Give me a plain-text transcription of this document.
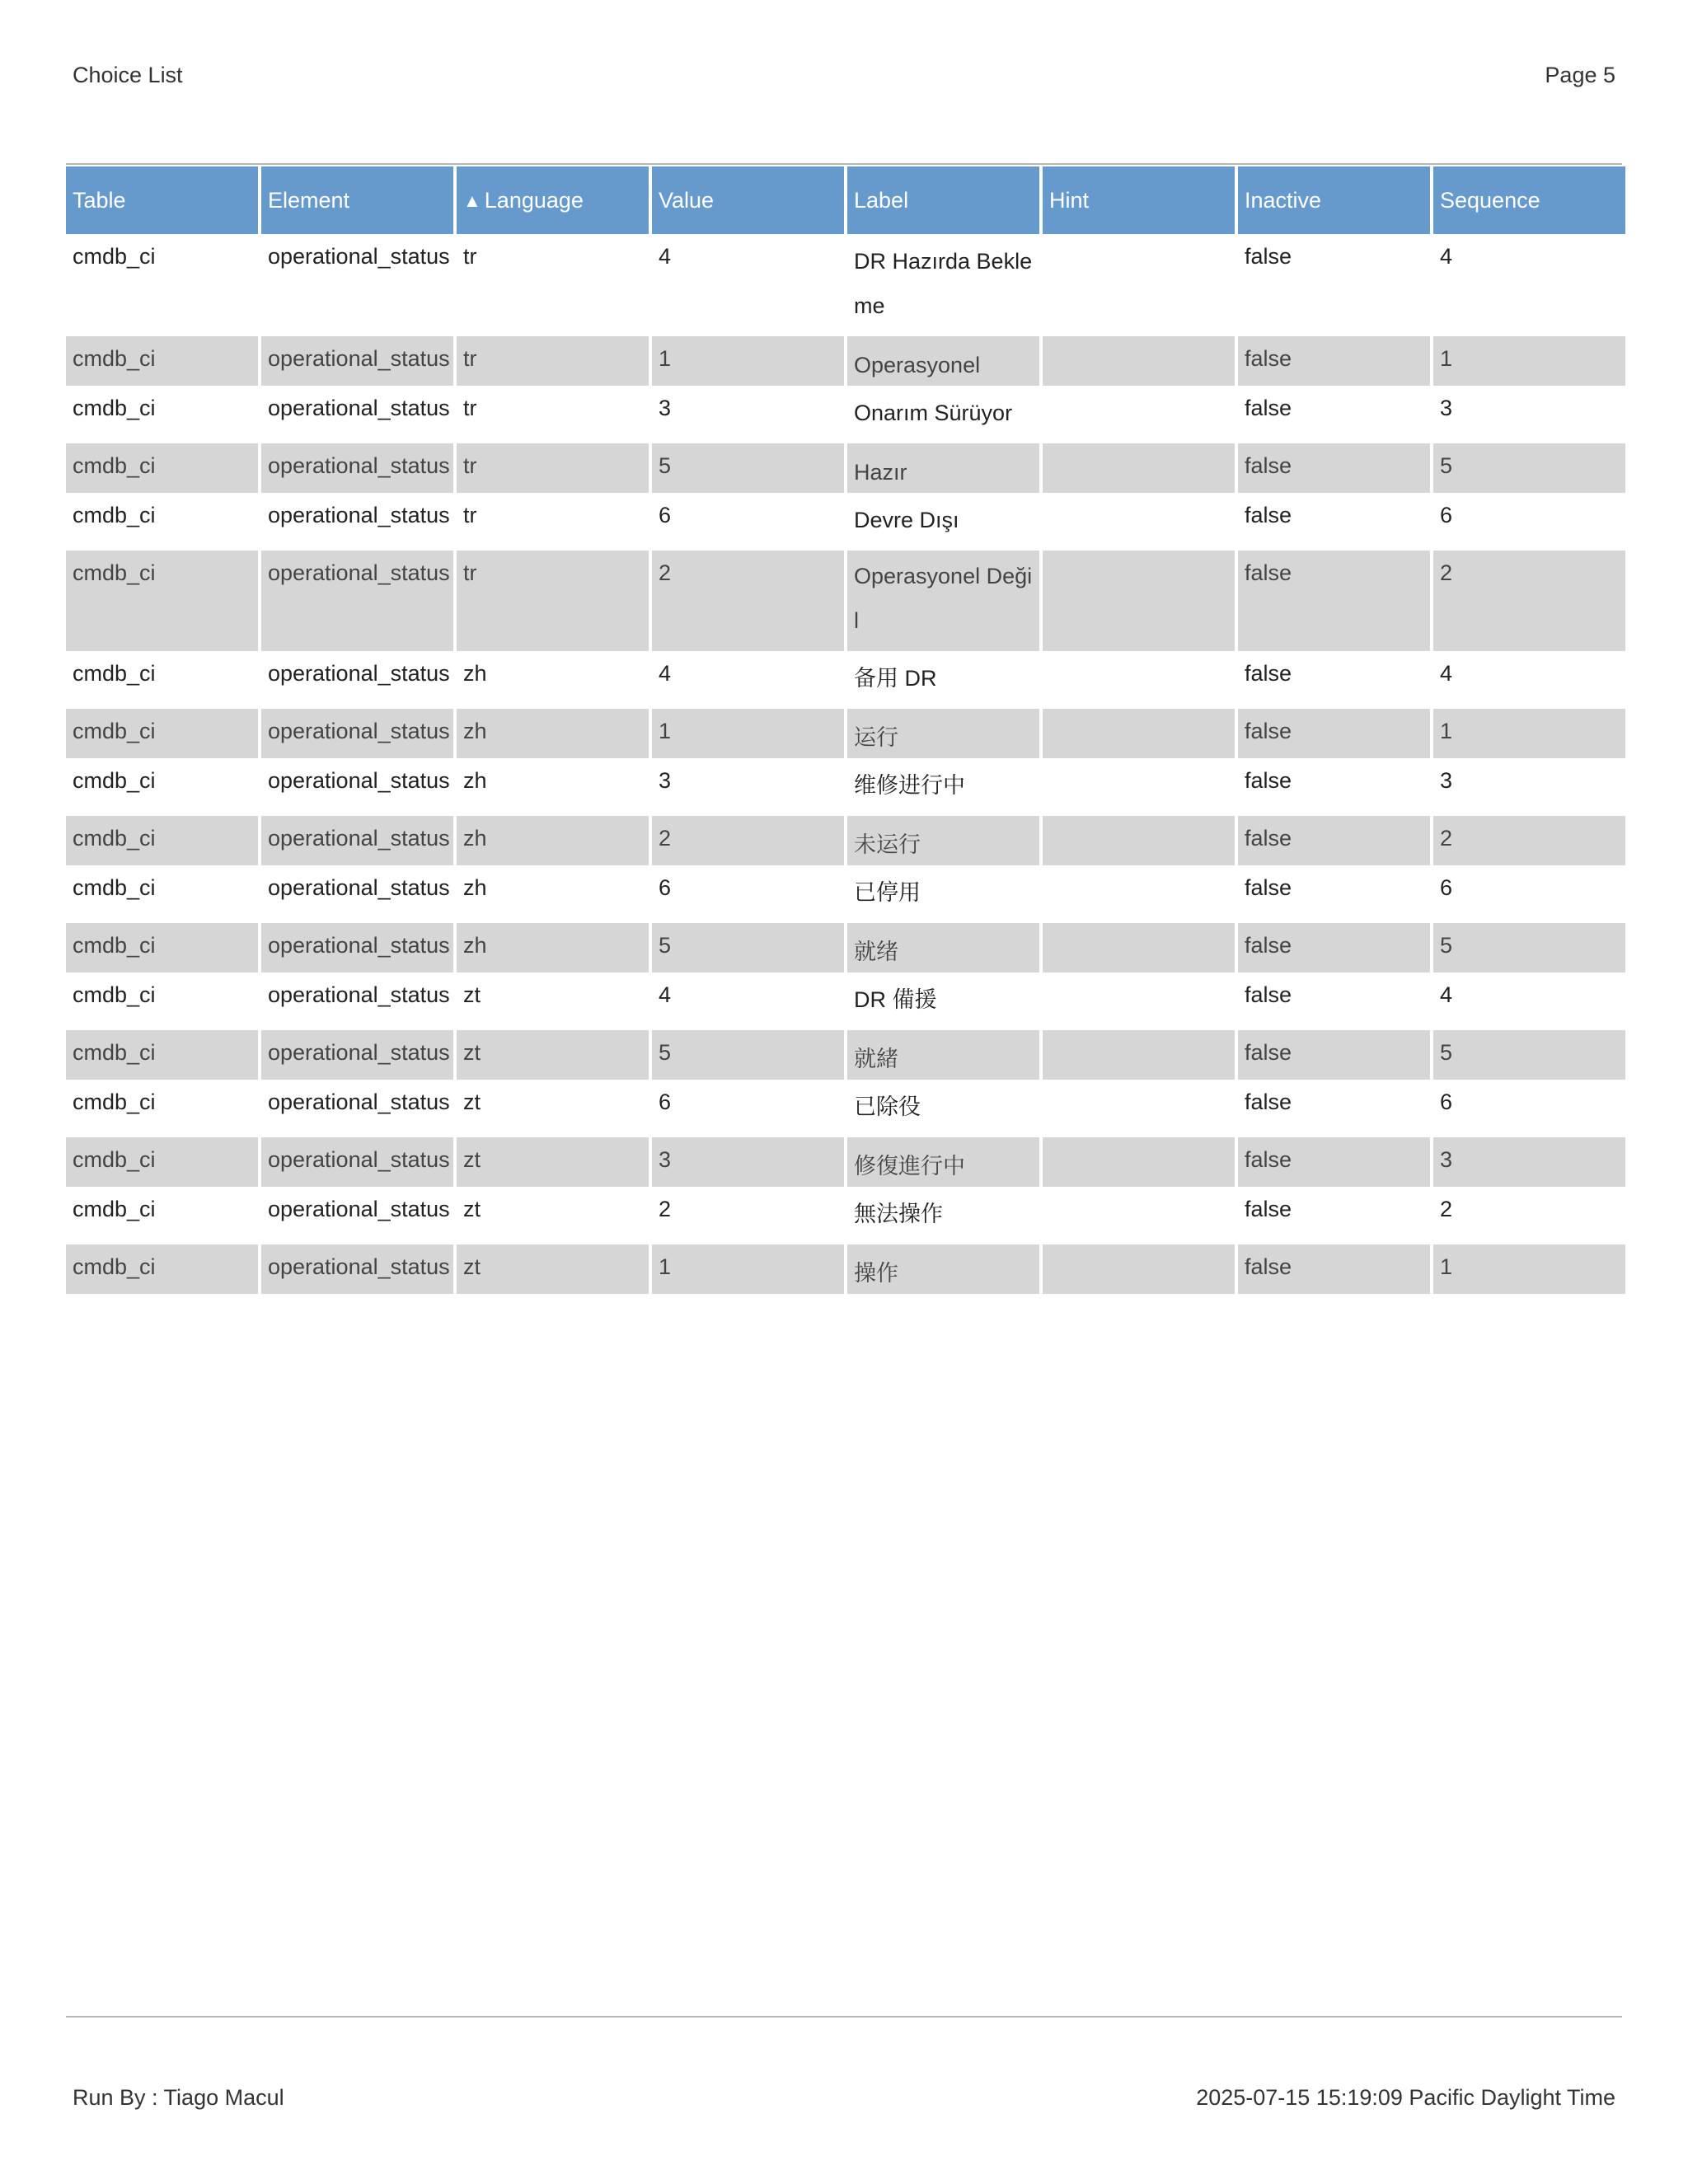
Choice List	Page 5
Table	Element	▲ Language	Value	Label	Hint	Inactive	Sequence
cmdb_ci	operational_status	tr	4	DR Hazırda Bekleme		false	4
cmdb_ci	operational_status	tr	1	Operasyonel		false	1
cmdb_ci	operational_status	tr	3	Onarım Sürüyor		false	3
cmdb_ci	operational_status	tr	5	Hazır		false	5
cmdb_ci	operational_status	tr	6	Devre Dışı		false	6
cmdb_ci	operational_status	tr	2	Operasyonel Değil		false	2
cmdb_ci	operational_status	zh	4	备用 DR		false	4
cmdb_ci	operational_status	zh	1	运行		false	1
cmdb_ci	operational_status	zh	3	维修进行中		false	3
cmdb_ci	operational_status	zh	2	未运行		false	2
cmdb_ci	operational_status	zh	6	已停用		false	6
cmdb_ci	operational_status	zh	5	就绪		false	5
cmdb_ci	operational_status	zt	4	DR 備援		false	4
cmdb_ci	operational_status	zt	5	就緒		false	5
cmdb_ci	operational_status	zt	6	已除役		false	6
cmdb_ci	operational_status	zt	3	修復進行中		false	3
cmdb_ci	operational_status	zt	2	無法操作		false	2
cmdb_ci	operational_status	zt	1	操作		false	1
Run By : Tiago Macul	2025-07-15 15:19:09 Pacific Daylight Time
